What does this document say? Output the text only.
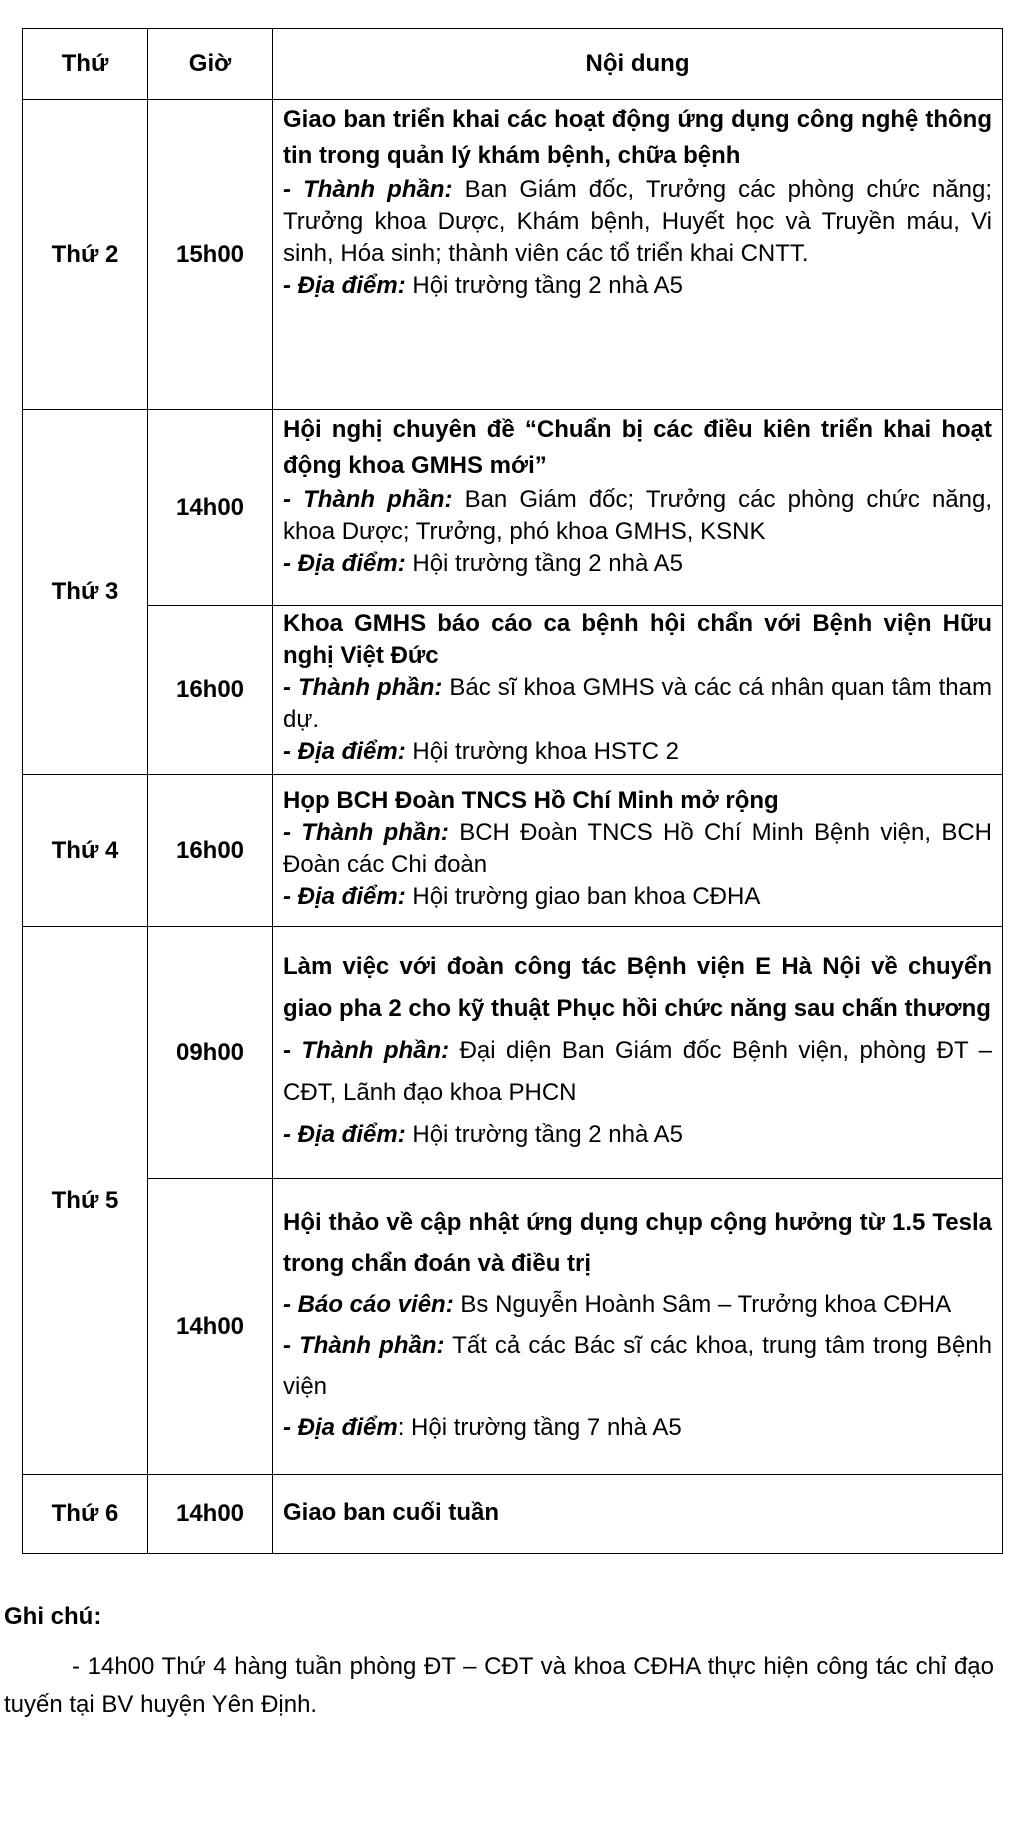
Thứ	Giờ	Nội dung
Thứ 2	15h00	Giao ban triển khai các hoạt động ứng dụng công nghệ thông tin trong quản lý khám bệnh, chữa bệnh
- Thành phần: Ban Giám đốc, Trưởng các phòng chức năng; Trưởng khoa Dược, Khám bệnh, Huyết học và Truyền máu, Vi sinh, Hóa sinh; thành viên các tổ triển khai CNTT.
- Địa điểm: Hội trường tầng 2 nhà A5

Thứ 3	14h00	Hội nghị chuyên đề “Chuẩn bị các điều kiên triển khai hoạt động khoa GMHS mới”
- Thành phần: Ban Giám đốc; Trưởng các phòng chức năng, khoa Dược; Trưởng, phó khoa GMHS, KSNK
- Địa điểm: Hội trường tầng 2 nhà A5

	16h00	Khoa GMHS báo cáo ca bệnh hội chẩn với Bệnh viện Hữu nghị Việt Đức
- Thành phần: Bác sĩ khoa GMHS và các cá nhân quan tâm tham dự.
- Địa điểm: Hội trường khoa HSTC 2

Thứ 4	16h00	Họp BCH Đoàn TNCS Hồ Chí Minh mở rộng
- Thành phần: BCH Đoàn TNCS Hồ Chí Minh Bệnh viện, BCH Đoàn các Chi đoàn
- Địa điểm: Hội trường giao ban khoa CĐHA

Thứ 5	09h00	Làm việc với đoàn công tác Bệnh viện E Hà Nội về chuyển giao pha 2 cho kỹ thuật Phục hồi chức năng sau chấn thương
- Thành phần: Đại diện Ban Giám đốc Bệnh viện, phòng ĐT – CĐT, Lãnh đạo khoa PHCN
- Địa điểm: Hội trường tầng 2 nhà A5

	14h00	Hội thảo về cập nhật ứng dụng chụp cộng hưởng từ 1.5 Tesla trong chẩn đoán và điều trị
- Báo cáo viên: Bs Nguyễn Hoành Sâm – Trưởng khoa CĐHA
- Thành phần: Tất cả các Bác sĩ các khoa, trung tâm trong Bệnh viện
- Địa điểm: Hội trường tầng 7 nhà A5

Thứ 6	14h00	Giao ban cuối tuần
Ghi chú:
- 14h00 Thứ 4 hàng tuần phòng ĐT – CĐT và khoa CĐHA thực hiện công tác chỉ đạo tuyến tại BV huyện Yên Định.
